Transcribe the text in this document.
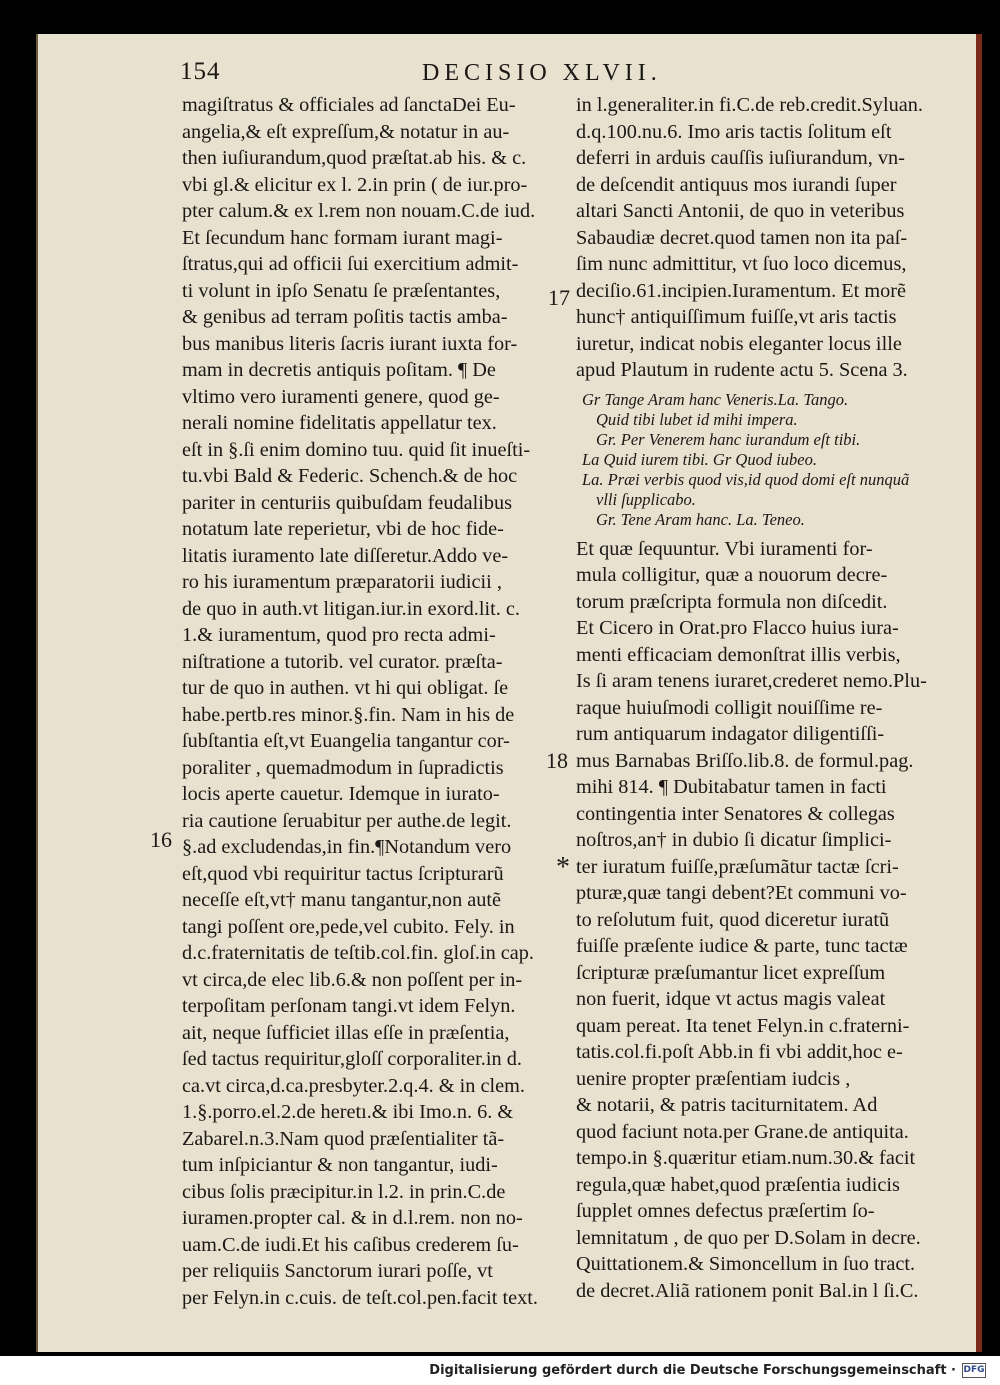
154	DECISIO XLVII.
magiſtratus & officiales ad ſanctaDei Eu-
angelia,& eſt expreſſum,& notatur in au-
then iuſiurandum,quod præſtat.ab his. & c.
vbi gl.& elicitur ex l. 2.in prin ( de iur.pro-
pter calum.& ex l.rem non nouam.C.de iud.
Et ſecundum hanc formam iurant magi-
ſtratus,qui ad officii ſui exercitium admit-
ti volunt in ipſo Senatu ſe præſentantes,
& genibus ad terram poſitis tactis amba-
bus manibus literis ſacris iurant iuxta for-
mam in decretis antiquis poſitam. ¶ De
vltimo vero iuramenti genere, quod ge-
nerali nomine fidelitatis appellatur tex.
eſt in §.ſi enim domino tuu. quid ſit inueſti-
tu.vbi Bald & Federic. Schench.& de hoc
pariter in centuriis quibuſdam feudalibus
notatum late reperietur, vbi de hoc fide-
litatis iuramento late diſſeretur.Addo ve-
ro his iuramentum præparatorii iudicii ,
de quo in auth.vt litigan.iur.in exord.lit. c.
1.& iuramentum, quod pro recta admi-
niſtratione a tutorib. vel curator. præſta-
tur de quo in authen. vt hi qui obligat. ſe
habe.pertb.res minor.§.fin. Nam in his de
ſubſtantia eſt,vt Euangelia tangantur cor-
poraliter , quemadmodum in ſupradictis
locis aperte cauetur. Idemque in iurato-
ria cautione ſeruabitur per authe.de legit.
§.ad excludendas,in fin.¶Notandum vero
eſt,quod vbi requiritur tactus ſcripturarũ
neceſſe eſt,vt† manu tangantur,non autẽ
tangi poſſent ore,pede,vel cubito. Fely. in
d.c.fraternitatis de teſtib.col.fin. gloſ.in cap.
vt circa,de elec lib.6.& non poſſent per in-
terpoſitam perſonam tangi.vt idem Felyn.
ait, neque ſufficiet illas eſſe in præſentia,
ſed tactus requiritur,gloſſ corporaliter.in d.
ca.vt circa,d.ca.presbyter.2.q.4. & in clem.
1.§.porro.el.2.de heretı.& ibi Imo.n. 6. &
Zabarel.n.3.Nam quod præſentialiter tã-
tum inſpiciantur & non tangantur, iudi-
cibus ſolis præcipitur.in l.2. in prin.C.de
iuramen.propter cal. & in d.l.rem. non no-
uam.C.de iudi.Et his caſibus crederem ſu-
per reliquiis Sanctorum iurari poſſe, vt
per Felyn.in c.cuis. de teſt.col.pen.facit text.
in l.generaliter.in fi.C.de reb.credit.Syluan.
d.q.100.nu.6. Imo aris tactis ſolitum eſt
deferri in arduis cauſſis iuſiurandum, vn-
de deſcendit antiquus mos iurandi ſuper
altari Sancti Antonii, de quo in veteribus
Sabaudiæ decret.quod tamen non ita paſ-
ſim nunc admittitur, vt ſuo loco dicemus,
deciſio.61.incipien.Iuramentum. Et morẽ
hunc† antiquiſſimum fuiſſe,vt aris tactis
iuretur, indicat nobis eleganter locus ille
apud Plautum in rudente actu 5. Scena 3.
Gr Tange Aram hanc Veneris.La. Tango.
Quid tibi lubet id mihi impera.
Gr. Per Venerem hanc iurandum eſt tibi.
La Quid iurem tibi. Gr Quod iubeo.
La. Præi verbis quod vis,id quod domi eſt nunquã
vlli ſupplicabo.
Gr. Tene Aram hanc. La. Teneo.
Et quæ ſequuntur. Vbi iuramenti for-
mula colligitur, quæ a nouorum decre-
torum præſcripta formula non diſcedit.
Et Cicero in Orat.pro Flacco huius iura-
menti efficaciam demonſtrat illis verbis,
Is ſi aram tenens iuraret,crederet nemo.Plu-
raque huiuſmodi colligit nouiſſime re-
rum antiquarum indagator diligentiſſi-
mus Barnabas Briſſo.lib.8. de formul.pag.
mihi 814. ¶ Dubitabatur tamen in facti
contingentia inter Senatores & collegas
noſtros,an† in dubio ſi dicatur ſimplici-
ter iuratum fuiſſe,præſumãtur tactæ ſcri-
pturæ,quæ tangi debent?Et communi vo-
to reſolutum fuit, quod diceretur iuratũ
fuiſſe præſente iudice & parte, tunc tactæ
ſcripturæ præſumantur licet expreſſum
non fuerit, idque vt actus magis valeat
quam pereat. Ita tenet Felyn.in c.fraterni-
tatis.col.fi.poſt Abb.in fi vbi addit,hoc e-
uenire propter præſentiam iudcis ,
& notarii, & patris taciturnitatem. Ad
quod faciunt nota.per Grane.de antiquita.
tempo.in §.quæritur etiam.num.30.& facit
regula,quæ habet,quod præſentia iudicis
ſupplet omnes defectus præſertim ſo-
lemnitatum , de quo per D.Solam in decre.
Quittationem.& Simoncellum in ſuo tract.
de decret.Aliã rationem ponit Bal.in l ſi.C.
17
18
16
*
Digitalisierung gefördert durch die Deutsche Forschungsgemeinschaft · DFG
